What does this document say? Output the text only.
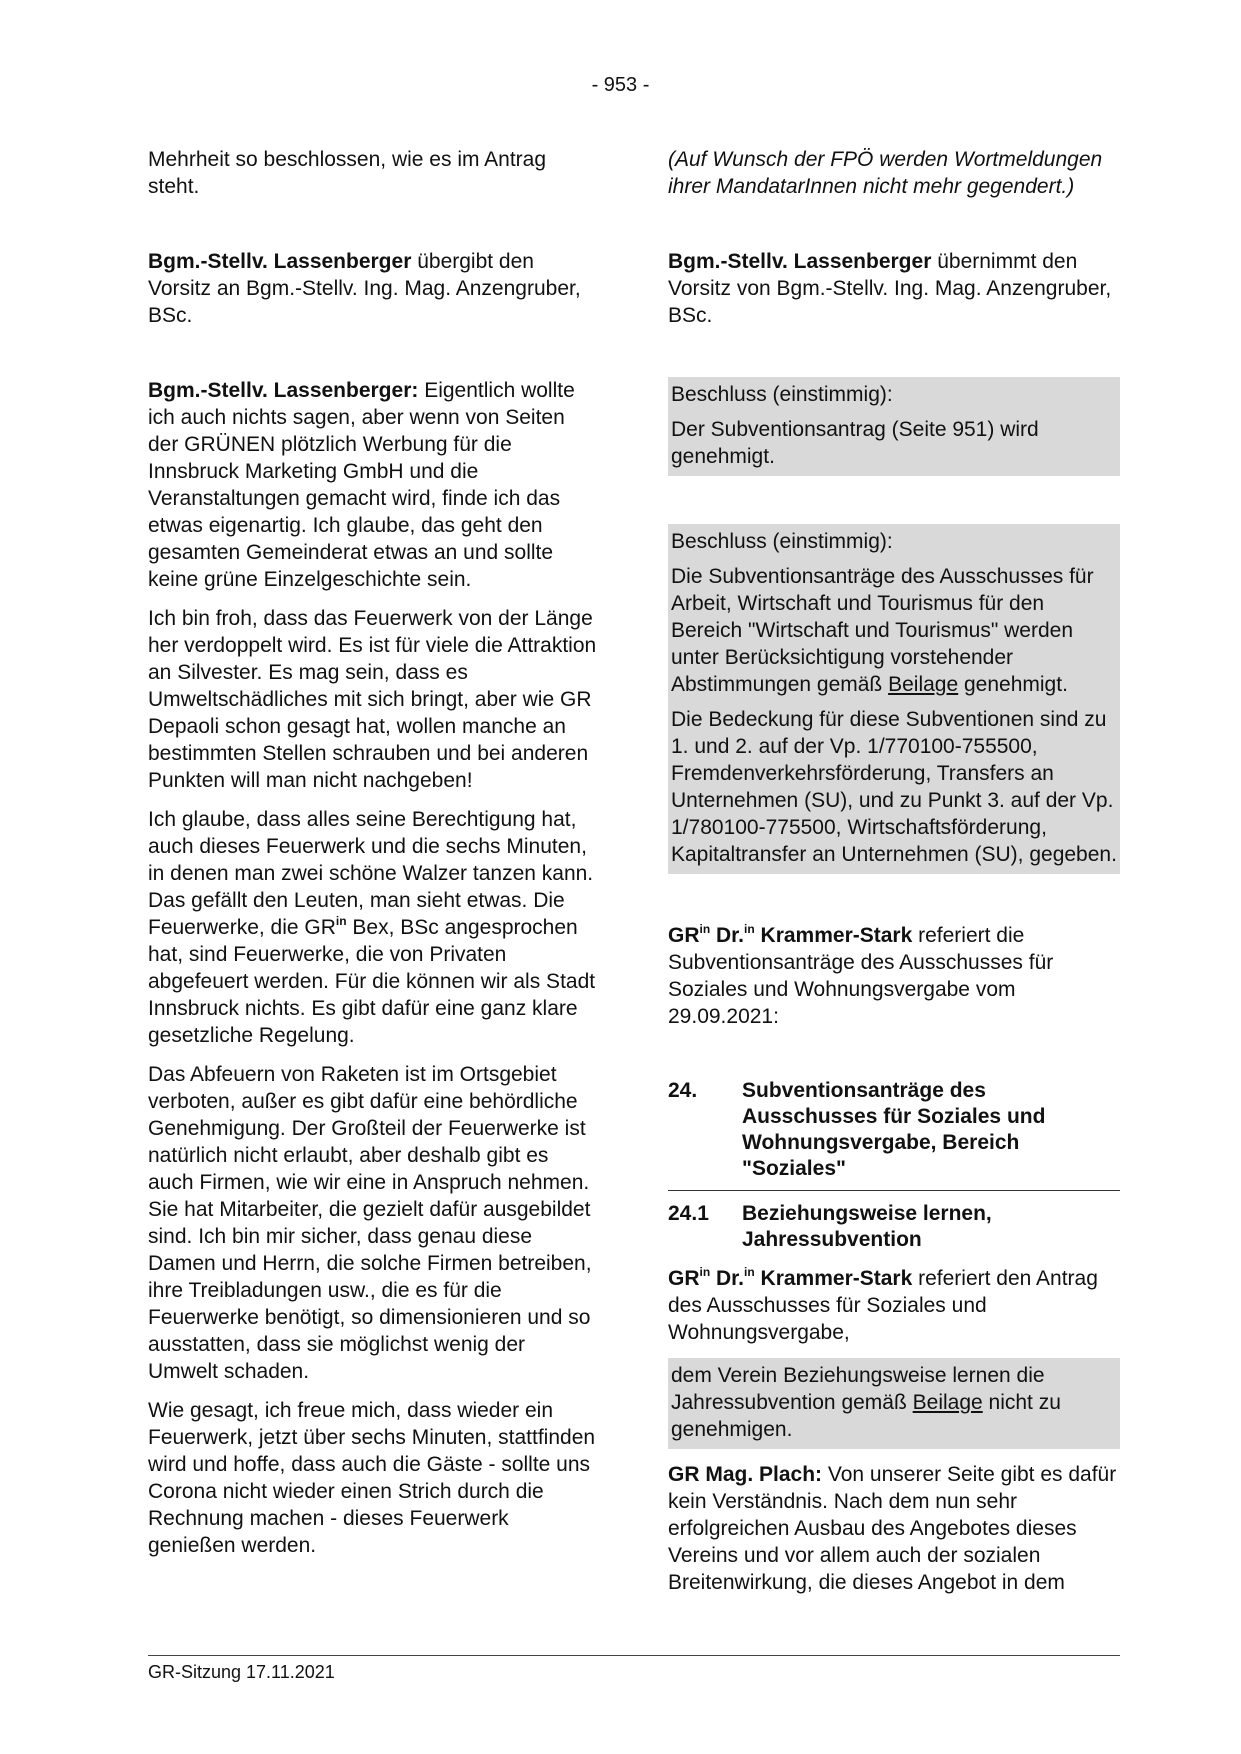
- 953 -

Mehrheit so beschlossen, wie es im Antrag steht.

Bgm.-Stellv. Lassenberger übergibt den Vorsitz an Bgm.-Stellv. Ing. Mag. Anzengruber, BSc.

Bgm.-Stellv. Lassenberger: Eigentlich wollte ich auch nichts sagen, aber wenn von Seiten der GRÜNEN plötzlich Werbung für die Innsbruck Marketing GmbH und die Veranstaltungen gemacht wird, finde ich das etwas eigenartig. Ich glaube, das geht den gesamten Gemeinderat etwas an und sollte keine grüne Einzelgeschichte sein.

Ich bin froh, dass das Feuerwerk von der Länge her verdoppelt wird. Es ist für viele die Attraktion an Silvester. Es mag sein, dass es Umweltschädliches mit sich bringt, aber wie GR Depaoli schon gesagt hat, wollen manche an bestimmten Stellen schrauben und bei anderen Punkten will man nicht nachgeben!

Ich glaube, dass alles seine Berechtigung hat, auch dieses Feuerwerk und die sechs Minuten, in denen man zwei schöne Walzer tanzen kann. Das gefällt den Leuten, man sieht etwas. Die Feuerwerke, die $GR^{in}$ Bex, BSc angesprochen hat, sind Feuerwerke, die von Privaten abgefeuert werden. Für die können wir als Stadt Innsbruck nichts. Es gibt dafür eine ganz klare gesetzliche Regelung.

Das Abfeuern von Raketen ist im Ortsgebiet verboten, außer es gibt dafür eine behördliche Genehmigung. Der Großteil der Feuerwerke ist natürlich nicht erlaubt, aber deshalb gibt es auch Firmen, wie wir eine in Anspruch nehmen. Sie hat Mitarbeiter, die gezielt dafür ausgebildet sind. Ich bin mir sicher, dass genau diese Damen und Herrn, die solche Firmen betreiben, ihre Treibladungen usw., die es für die Feuerwerke benötigt, so dimensionieren und so ausstatten, dass sie möglichst wenig der Umwelt schaden.

Wie gesagt, ich freue mich, dass wieder ein Feuerwerk, jetzt über sechs Minuten, stattfinden wird und hoffe, dass auch die Gäste - sollte uns Corona nicht wieder einen Strich durch die Rechnung machen - dieses Feuerwerk genießen werden.

(Auf Wunsch der FPÖ werden Wortmeldungen ihrer MandatarInnen nicht mehr gegendert.)

Bgm.-Stellv. Lassenberger übernimmt den Vorsitz von Bgm.-Stellv. Ing. Mag. Anzengruber, BSc.

Beschluss (einstimmig):

Der Subventionsantrag (Seite 951) wird genehmigt.

Beschluss (einstimmig):

Die Subventionsanträge des Ausschusses für Arbeit, Wirtschaft und Tourismus für den Bereich "Wirtschaft und Tourismus" werden unter Berücksichtigung vorstehender Abstimmungen gemäß Beilage genehmigt.

Die Bedeckung für diese Subventionen sind zu 1. und 2. auf der Vp. 1/770100-755500, Fremdenverkehrsförderung, Transfers an Unternehmen (SU), und zu Punkt 3. auf der Vp. 1/780100-775500, Wirtschaftsförderung, Kapitaltransfer an Unternehmen (SU), gegeben.

$GR^{in}$ Dr.$^{in}$ Krammer-Stark referiert die Subventionsanträge des Ausschusses für Soziales und Wohnungsvergabe vom 29.09.2021:

24.	Subventionsanträge des Ausschusses für Soziales und Wohnungsvergabe, Bereich "Soziales"
24.1	Beziehungsweise lernen, Jahressubvention

$GR^{in}$ Dr.$^{in}$ Krammer-Stark referiert den Antrag des Ausschusses für Soziales und Wohnungsvergabe,

dem Verein Beziehungsweise lernen die Jahressubvention gemäß Beilage nicht zu genehmigen.

GR Mag. Plach: Von unserer Seite gibt es dafür kein Verständnis. Nach dem nun sehr erfolgreichen Ausbau des Angebotes dieses Vereins und vor allem auch der sozialen Breitenwirkung, die dieses Angebot in dem

GR-Sitzung 17.11.2021
